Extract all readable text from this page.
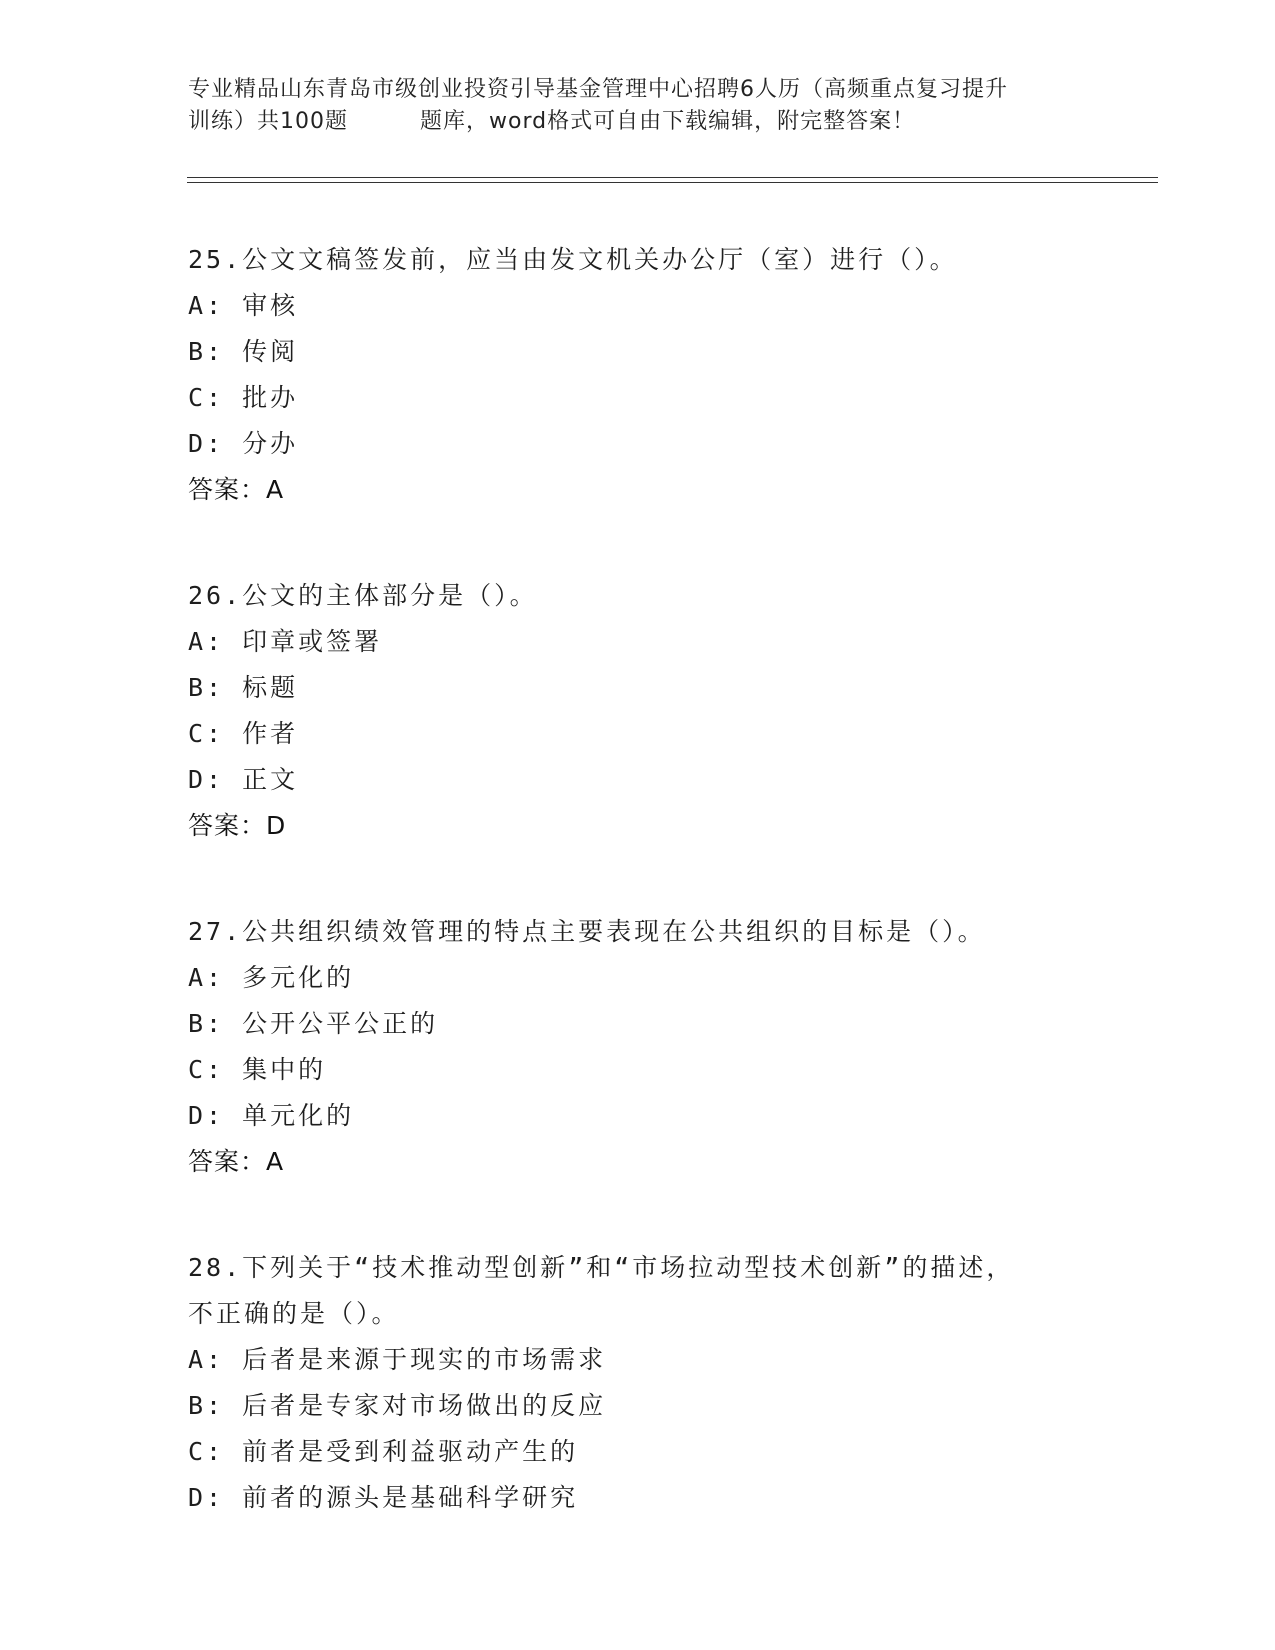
专业精品山东青岛市级创业投资引导基金管理中心招聘6人历（高频重点复习提升
训练）共100题	题库，word格式可自由下载编辑，附完整答案！
25.公文文稿签发前，应当由发文机关办公厅（室）进行（）。
A: 审核
B: 传阅
C: 批办
D: 分办
答案：A
26.公文的主体部分是（）。
A: 印章或签署
B: 标题
C: 作者
D: 正文
答案：D
27.公共组织绩效管理的特点主要表现在公共组织的目标是（）。
A: 多元化的
B: 公开公平公正的
C: 集中的
D: 单元化的
答案：A
28.下列关于“技术推动型创新”和“市场拉动型技术创新”的描述，
不正确的是（）。
A: 后者是来源于现实的市场需求
B: 后者是专家对市场做出的反应
C: 前者是受到利益驱动产生的
D: 前者的源头是基础科学研究
